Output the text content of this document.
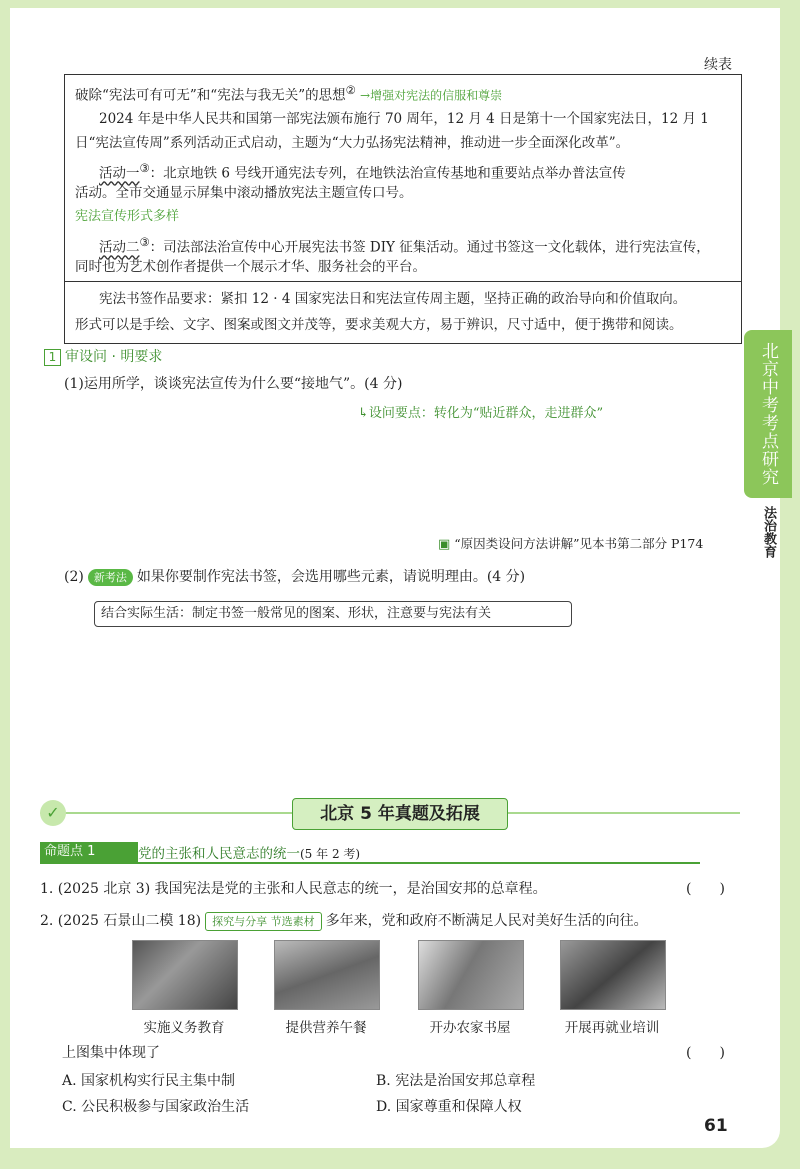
续表
破除“宪法可有可无”和“宪法与我无关”的思想② →增强对宪法的信服和尊崇
2024 年是中华人民共和国第一部宪法颁布施行 70 周年，12 月 4 日是第十一个国家宪法日，12 月 1
日“宪法宣传周”系列活动正式启动，主题为“大力弘扬宪法精神，推动进一步全面深化改革”。
活动一③：北京地铁 6 号线开通宪法专列，在地铁法治宣传基地和重要站点举办普法宣传
活动。全市交通显示屏集中滚动播放宪法主题宣传口号。
宪法宣传形式多样
活动二③：司法部法治宣传中心开展宪法书签 DIY 征集活动。通过书签这一文化载体，进行宪法宣传，
同时也为艺术创作者提供一个展示才华、服务社会的平台。
宪法书签作品要求：紧扣 12 · 4 国家宪法日和宪法宣传周主题，坚持正确的政治导向和价值取向。
形式可以是手绘、文字、图案或图文并茂等，要求美观大方，易于辨识，尺寸适中，便于携带和阅读。
1 审设问 · 明要求
(1)运用所学，谈谈宪法宣传为什么要“接地气”。(4 分)
↳设问要点：转化为“贴近群众，走进群众”
▣ “原因类设问方法讲解”见本书第二部分 P174
(2) 新考法 如果你要制作宪法书签，会选用哪些元素，请说明理由。(4 分)
结合实际生活：制定书签一般常见的图案、形状，注意要与宪法有关
北京中考考点研究
法治教育
✓	北京 5 年真题及拓展
命题点 1	党的主张和人民意志的统一(5 年 2 考)
1. (2025 北京 3) 我国宪法是党的主张和人民意志的统一，是治国安邦的总章程。	(　　)
2. (2025 石景山二模 18) 探究与分享 节选素材 多年来，党和政府不断满足人民对美好生活的向往。
实施义务教育	提供营养午餐	开办农家书屋	开展再就业培训
上图集中体现了	(　　)
A. 国家机构实行民主集中制	B. 宪法是治国安邦总章程
C. 公民积极参与国家政治生活	D. 国家尊重和保障人权
61
